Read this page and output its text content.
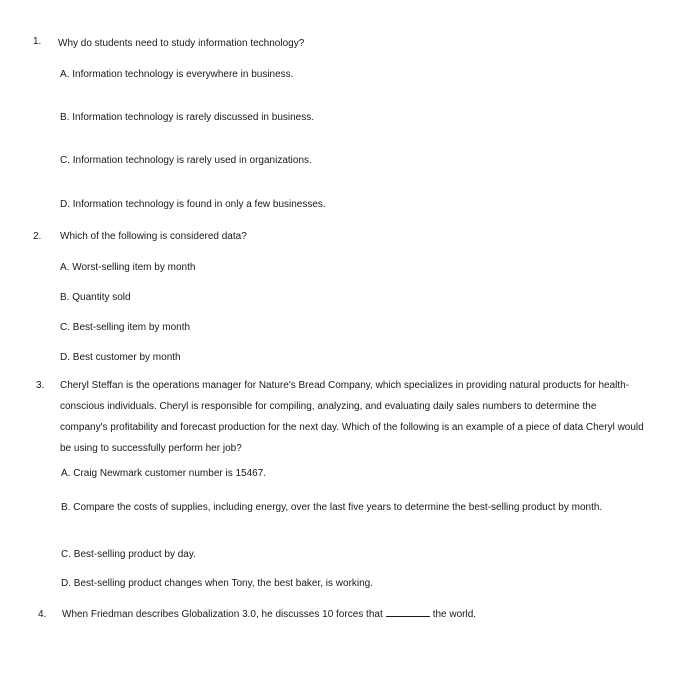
1.	Why do students need to study information technology?
A. Information technology is everywhere in business.
B. Information technology is rarely discussed in business.
C. Information technology is rarely used in organizations.
D. Information technology is found in only a few businesses.
2.	Which of the following is considered data?
A. Worst-selling item by month
B. Quantity sold
C. Best-selling item by month
D. Best customer by month
3.	Cheryl Steffan is the operations manager for Nature's Bread Company, which specializes in providing natural products for health-conscious individuals. Cheryl is responsible for compiling, analyzing, and evaluating daily sales numbers to determine the company's profitability and forecast production for the next day. Which of the following is an example of a piece of data Cheryl would be using to successfully perform her job?
A. Craig Newmark customer number is 15467.
B. Compare the costs of supplies, including energy, over the last five years to determine the best-selling product by month.
C. Best-selling product by day.
D. Best-selling product changes when Tony, the best baker, is working.
4.	When Friedman describes Globalization 3.0, he discusses 10 forces that	the world.
